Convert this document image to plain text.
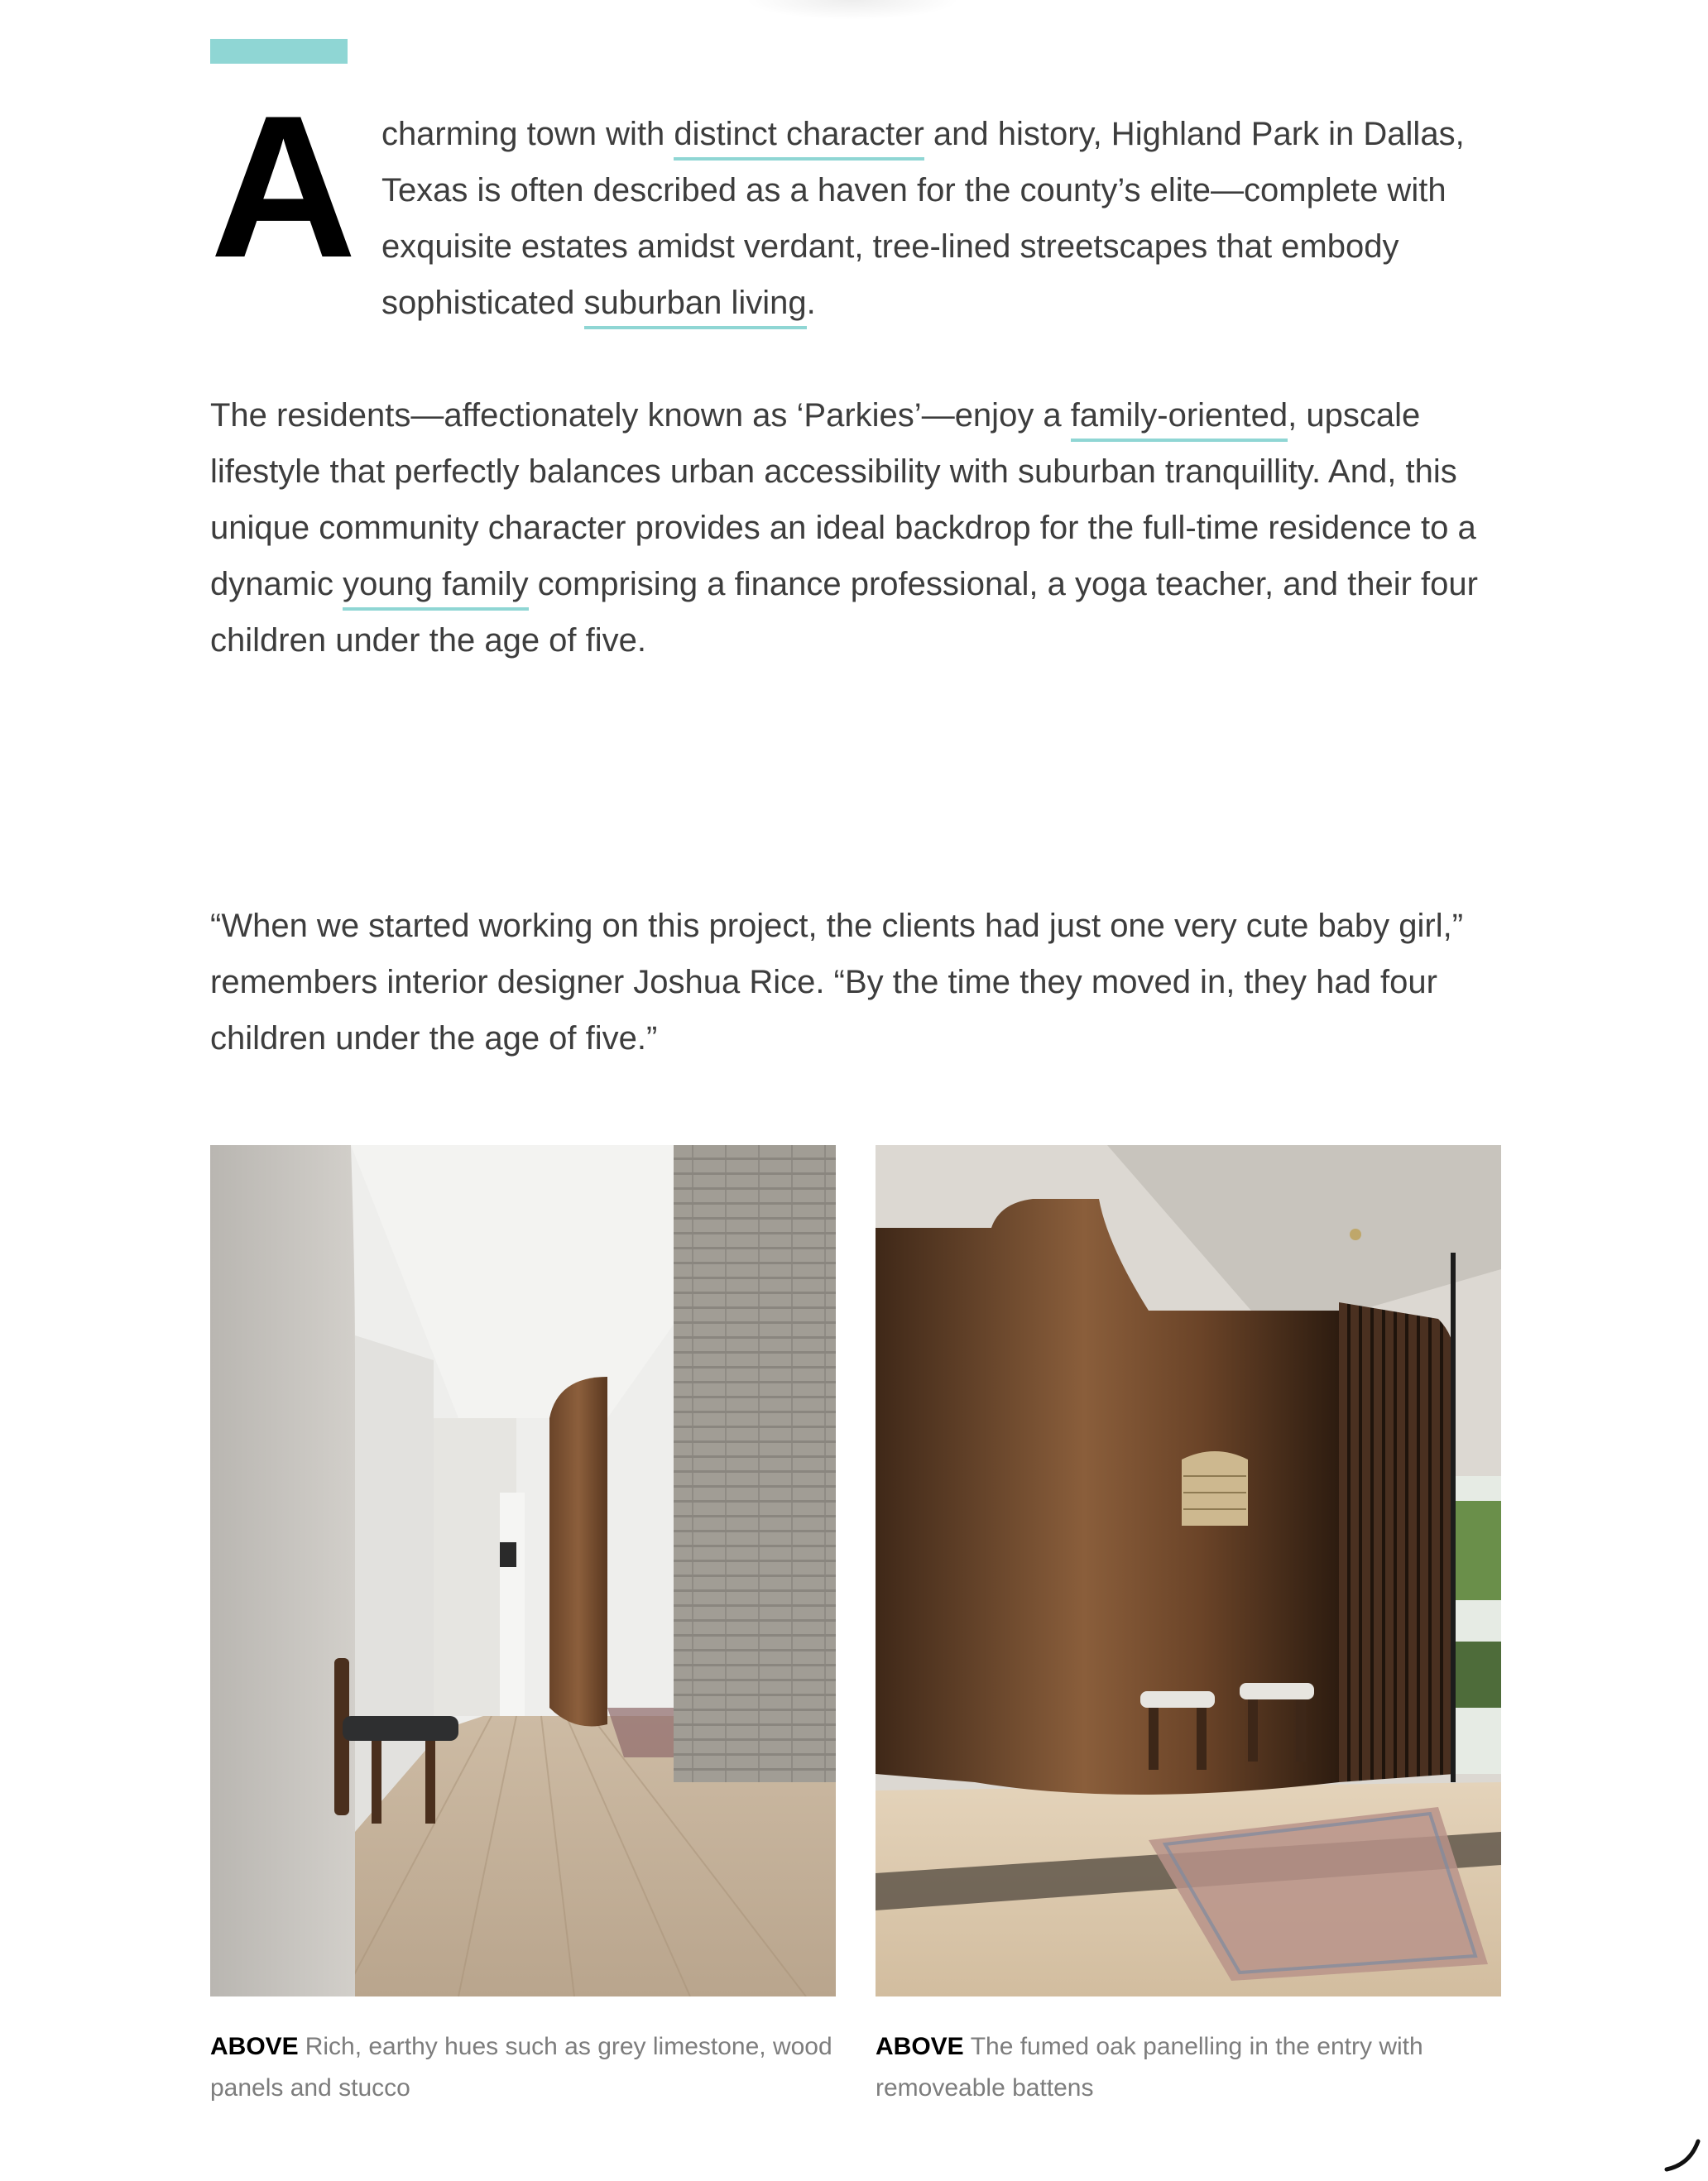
A charming town with distinct character and history, Highland Park in Dallas, Texas is often described as a haven for the county’s elite—complete with exquisite estates amidst verdant, tree-lined streetscapes that embody sophisticated suburban living.

The residents—affectionately known as ‘Parkies’—enjoy a family-oriented, upscale lifestyle that perfectly balances urban accessibility with suburban tranquillity. And, this unique community character provides an ideal backdrop for the full-time residence to a dynamic young family comprising a finance professional, a yoga teacher, and their four children under the age of five.

“When we started working on this project, the clients had just one very cute baby girl,” remembers interior designer Joshua Rice. “By the time they moved in, they had four children under the age of five.”

ABOVE Rich, earthy hues such as grey limestone, wood panels and stucco
ABOVE The fumed oak panelling in the entry with removeable battens
